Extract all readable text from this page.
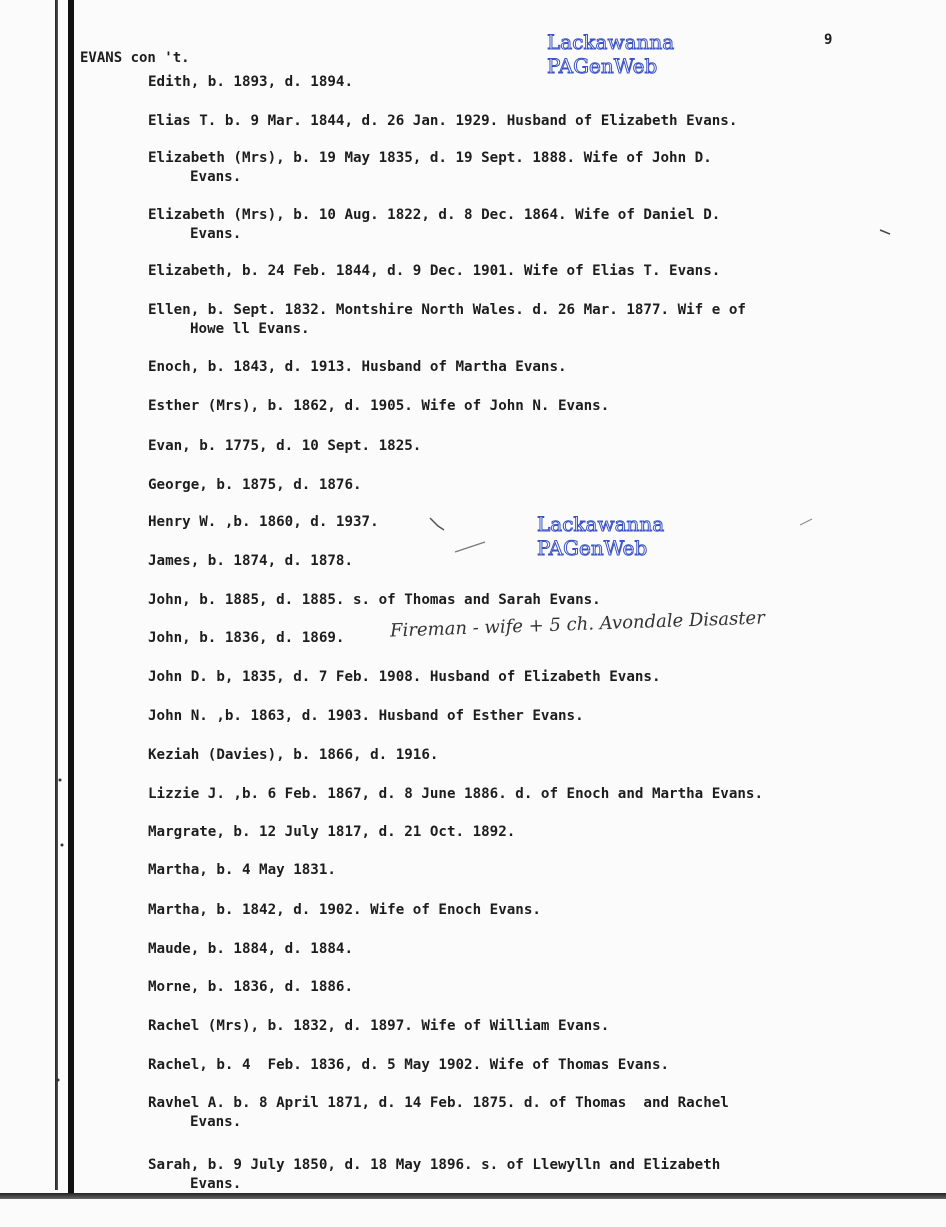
9
Lackawanna
PAGenWeb
Lackawanna
PAGenWeb
EVANS con 't.
Edith, b. 1893, d. 1894.
Elias T. b. 9 Mar. 1844, d. 26 Jan. 1929. Husband of Elizabeth Evans.
Elizabeth (Mrs), b. 19 May 1835, d. 19 Sept. 1888. Wife of John D.
Evans.
Elizabeth (Mrs), b. 10 Aug. 1822, d. 8 Dec. 1864. Wife of Daniel D.
Evans.
Elizabeth, b. 24 Feb. 1844, d. 9 Dec. 1901. Wife of Elias T. Evans.
Ellen, b. Sept. 1832. Montshire North Wales. d. 26 Mar. 1877. Wif e of
Howe ll Evans.
Enoch, b. 1843, d. 1913. Husband of Martha Evans.
Esther (Mrs), b. 1862, d. 1905. Wife of John N. Evans.
Evan, b. 1775, d. 10 Sept. 1825.
George, b. 1875, d. 1876.
Henry W. ,b. 1860, d. 1937.
James, b. 1874, d. 1878.
John, b. 1885, d. 1885. s. of Thomas and Sarah Evans.
John, b. 1836, d. 1869.
John D. b, 1835, d. 7 Feb. 1908. Husband of Elizabeth Evans.
John N. ,b. 1863, d. 1903. Husband of Esther Evans.
Keziah (Davies), b. 1866, d. 1916.
Lizzie J. ,b. 6 Feb. 1867, d. 8 June 1886. d. of Enoch and Martha Evans.
Margrate, b. 12 July 1817, d. 21 Oct. 1892.
Martha, b. 4 May 1831.
Martha, b. 1842, d. 1902. Wife of Enoch Evans.
Maude, b. 1884, d. 1884.
Morne, b. 1836, d. 1886.
Rachel (Mrs), b. 1832, d. 1897. Wife of William Evans.
Rachel, b. 4  Feb. 1836, d. 5 May 1902. Wife of Thomas Evans.
Ravhel A. b. 8 April 1871, d. 14 Feb. 1875. d. of Thomas  and Rachel
Evans.
Sarah, b. 9 July 1850, d. 18 May 1896. s. of Llewylln and Elizabeth
Evans.
Fireman - wife + 5 ch. Avondale Disaster
